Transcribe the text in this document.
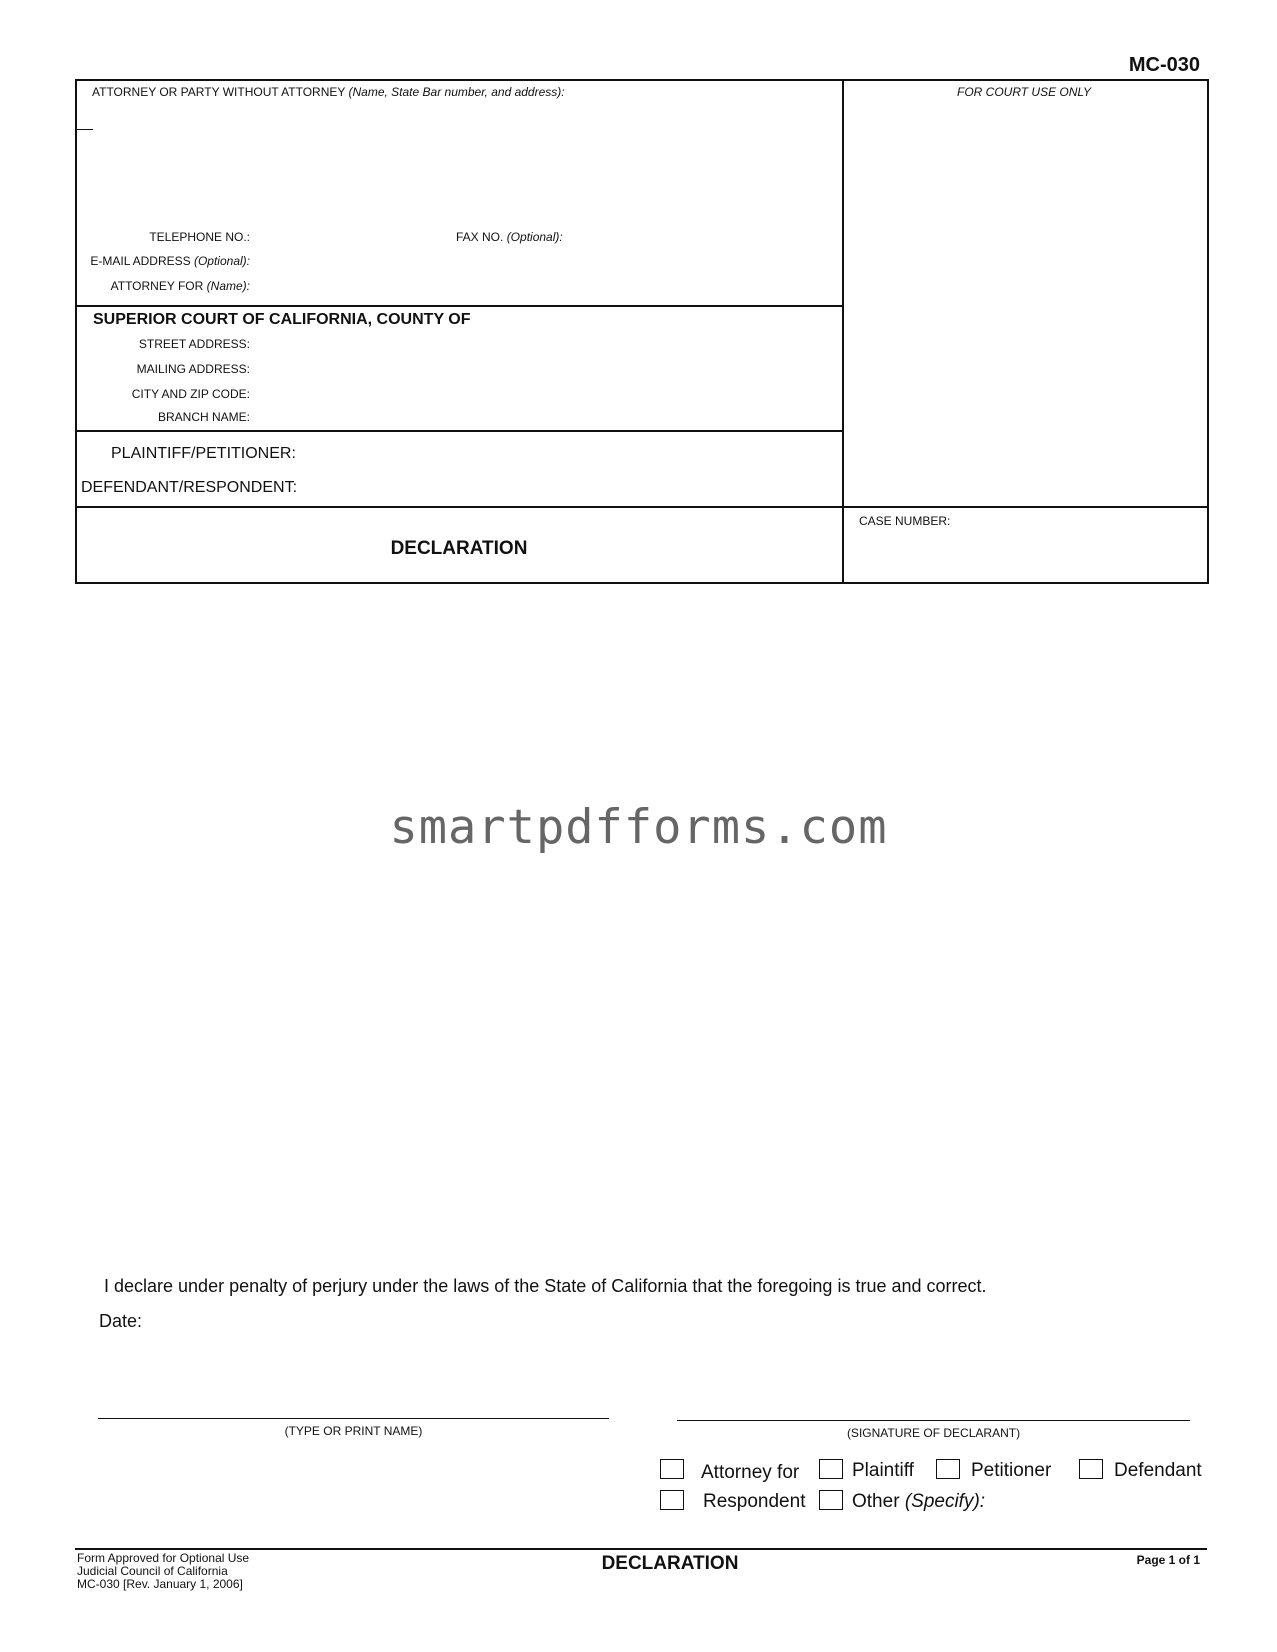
MC-030
ATTORNEY OR PARTY WITHOUT ATTORNEY (Name, State Bar number, and address):	FOR COURT USE ONLY
TELEPHONE NO.:	FAX NO. (Optional):
E-MAIL ADDRESS (Optional):
ATTORNEY FOR (Name):
SUPERIOR COURT OF CALIFORNIA, COUNTY OF
STREET ADDRESS:
MAILING ADDRESS:
CITY AND ZIP CODE:
BRANCH NAME:
PLAINTIFF/PETITIONER:
DEFENDANT/RESPONDENT:
DECLARATION
CASE NUMBER:
smartpdfforms.com
I declare under penalty of perjury under the laws of the State of California that the foregoing is true and correct.
Date:
(TYPE OR PRINT NAME)	(SIGNATURE OF DECLARANT)
Attorney for	Plaintiff	Petitioner	Defendant
Respondent Other (Specify):
Form Approved for Optional Use
Judicial Council of California
MC-030 [Rev. January 1, 2006]
DECLARATION	Page 1 of 1
